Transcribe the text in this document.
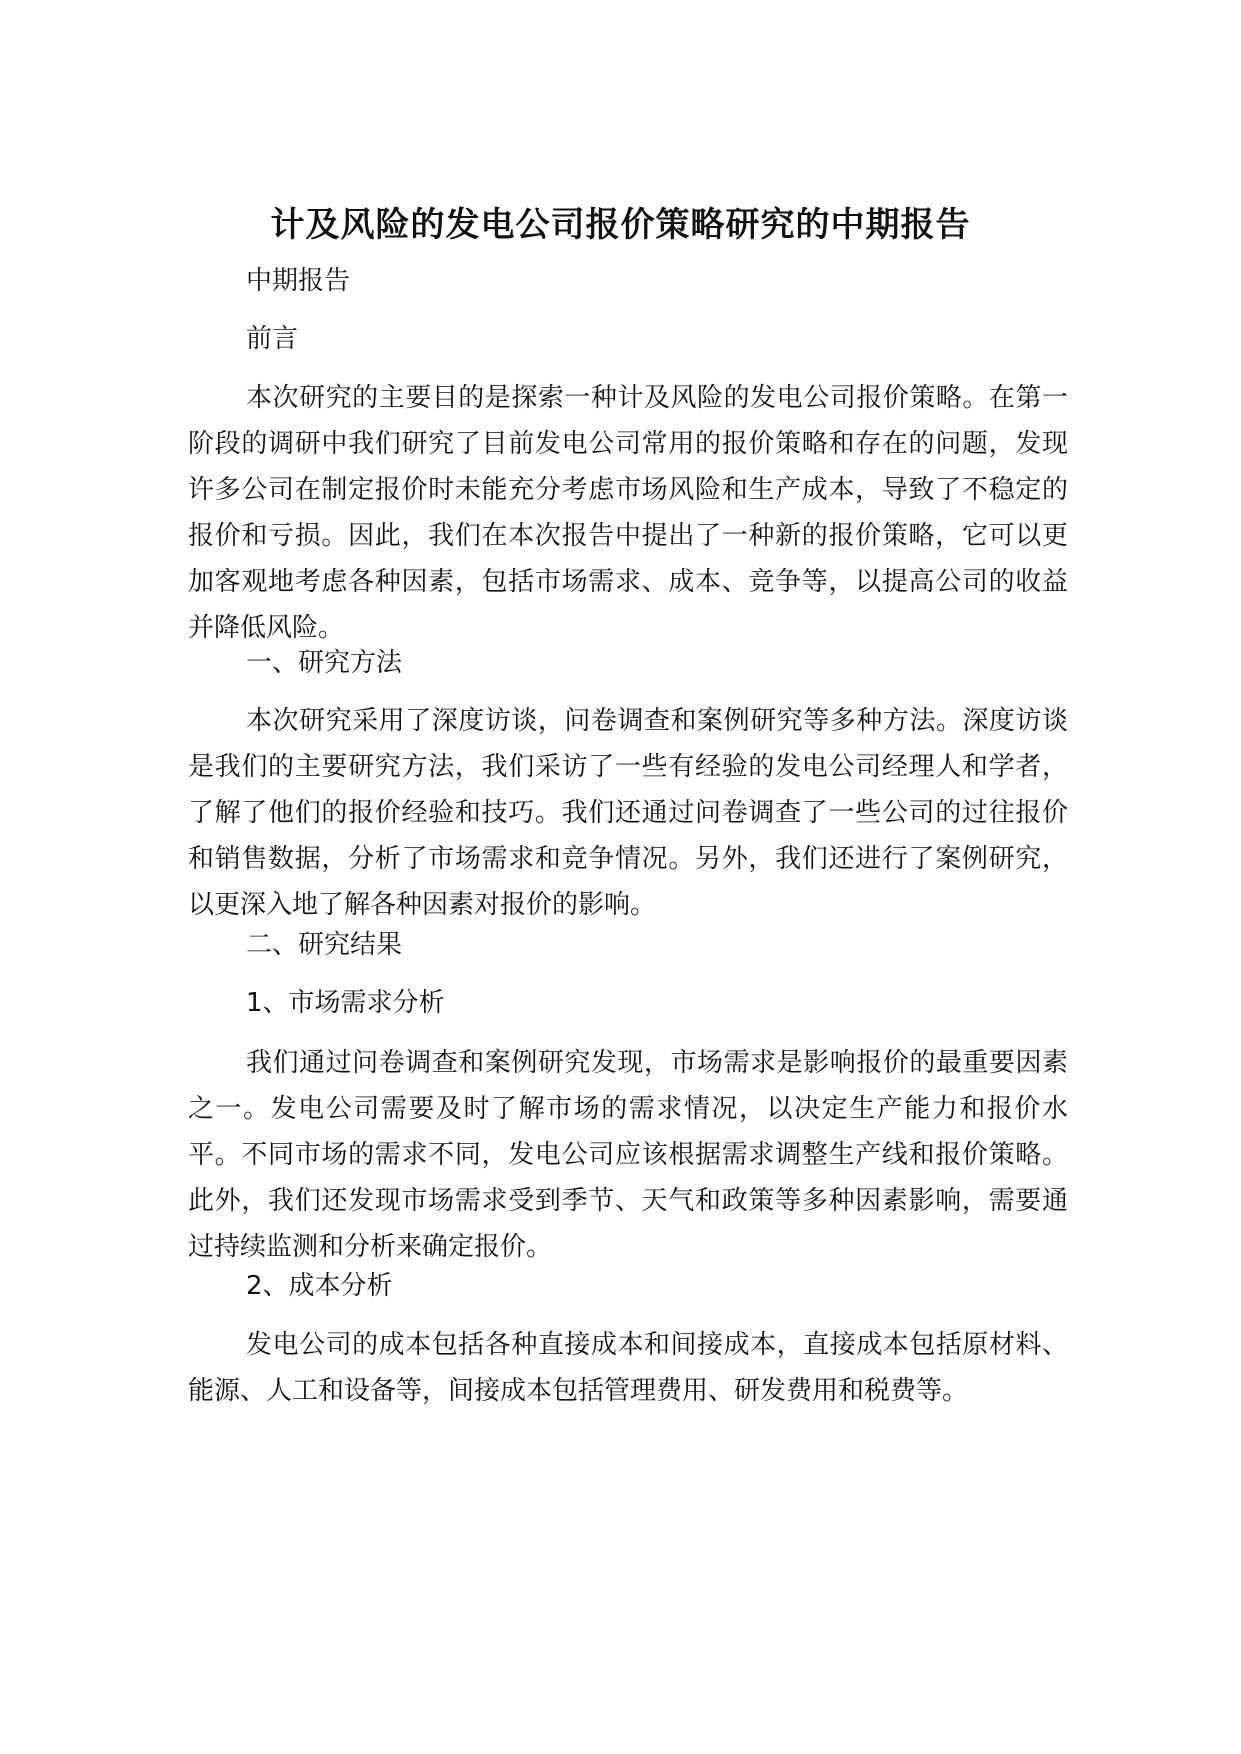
计及风险的发电公司报价策略研究的中期报告

中期报告

前言

本次研究的主要目的是探索一种计及风险的发电公司报价策略。在第一阶段的调研中我们研究了目前发电公司常用的报价策略和存在的问题，发现许多公司在制定报价时未能充分考虑市场风险和生产成本，导致了不稳定的报价和亏损。因此，我们在本次报告中提出了一种新的报价策略，它可以更加客观地考虑各种因素，包括市场需求、成本、竞争等，以提高公司的收益并降低风险。

一、研究方法

本次研究采用了深度访谈，问卷调查和案例研究等多种方法。深度访谈是我们的主要研究方法，我们采访了一些有经验的发电公司经理人和学者，了解了他们的报价经验和技巧。我们还通过问卷调查了一些公司的过往报价和销售数据，分析了市场需求和竞争情况。另外，我们还进行了案例研究，以更深入地了解各种因素对报价的影响。

二、研究结果

1、市场需求分析

我们通过问卷调查和案例研究发现，市场需求是影响报价的最重要因素之一。发电公司需要及时了解市场的需求情况，以决定生产能力和报价水平。不同市场的需求不同，发电公司应该根据需求调整生产线和报价策略。此外，我们还发现市场需求受到季节、天气和政策等多种因素影响，需要通过持续监测和分析来确定报价。

2、成本分析

发电公司的成本包括各种直接成本和间接成本，直接成本包括原材料、能源、人工和设备等，间接成本包括管理费用、研发费用和税费等。
